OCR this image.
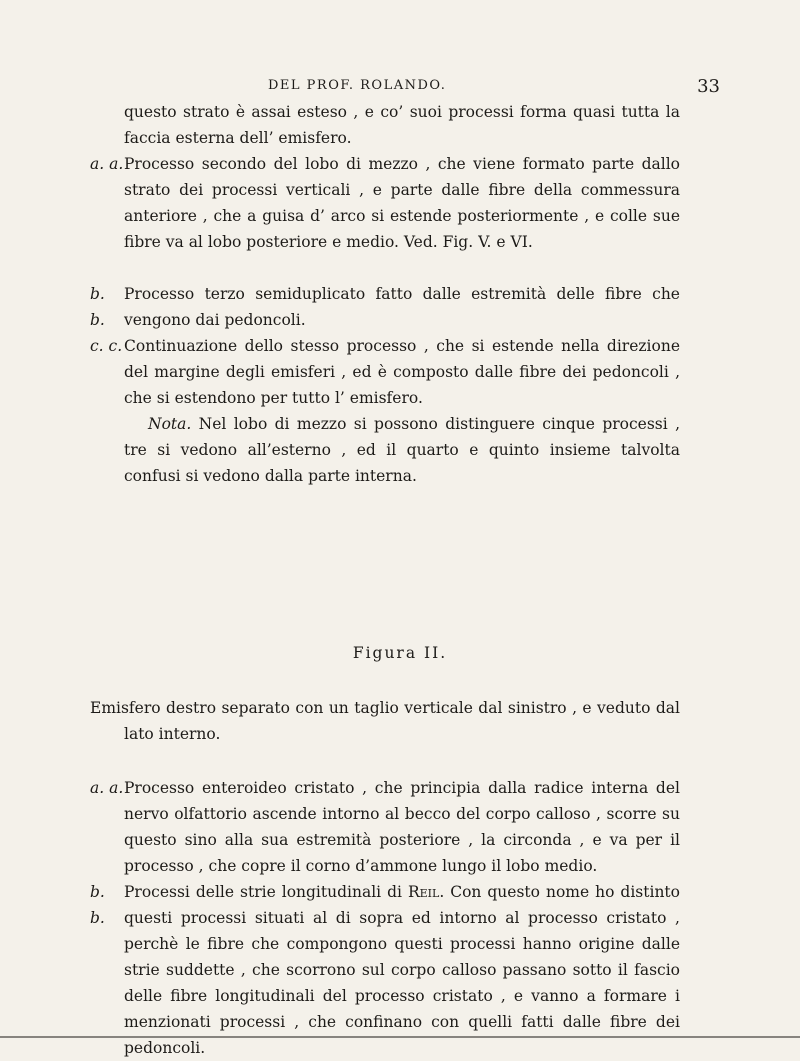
DEL PROF. ROLANDO.	33
questo strato è assai esteso , e co’ suoi processi forma quasi tutta la faccia esterna dell’ emisfero.
a. a. Processo secondo del lobo di mezzo , che viene formato parte dallo strato dei processi verticali , e parte dalle fibre della commessura anteriore , che a guisa d’ arco si estende posteriormente , e colle sue fibre va al lobo posteriore e medio. Ved. Fig. V. e VI.
b. b.
Processo terzo semiduplicato fatto dalle estremità delle fibre che vengono dai pedoncoli.
c. c. Continuazione dello stesso processo , che si estende nella direzione del margine degli emisferi , ed è composto dalle fibre dei pedoncoli , che si estendono per tutto l’ emisfero.
Nota. Nel lobo di mezzo si possono distinguere cinque processi , tre si vedono all’esterno , ed il quarto e quinto insieme talvolta confusi si vedono dalla parte interna.
Figura II.
Emisfero destro separato con un taglio verticale dal sinistro , e veduto dal lato interno.
a. a. Processo enteroideo cristato , che principia dalla radice interna del nervo olfattorio ascende intorno al becco del corpo calloso , scorre su questo sino alla sua estremità posteriore , la circonda , e va per il processo , che copre il corno d’ammone lungo il lobo medio.
b. b.
Processi delle strie longitudinali di Reil. Con questo nome ho distinto questi processi situati al di sopra ed intorno al processo cristato , perchè le fibre che compongono questi processi hanno origine dalle strie suddette , che scorrono sul corpo calloso passano sotto il fascio delle fibre longitudinali del processo cristato , e vanno a formare i menzionati processi , che confinano con quelli fatti dalle fibre dei pedoncoli.
